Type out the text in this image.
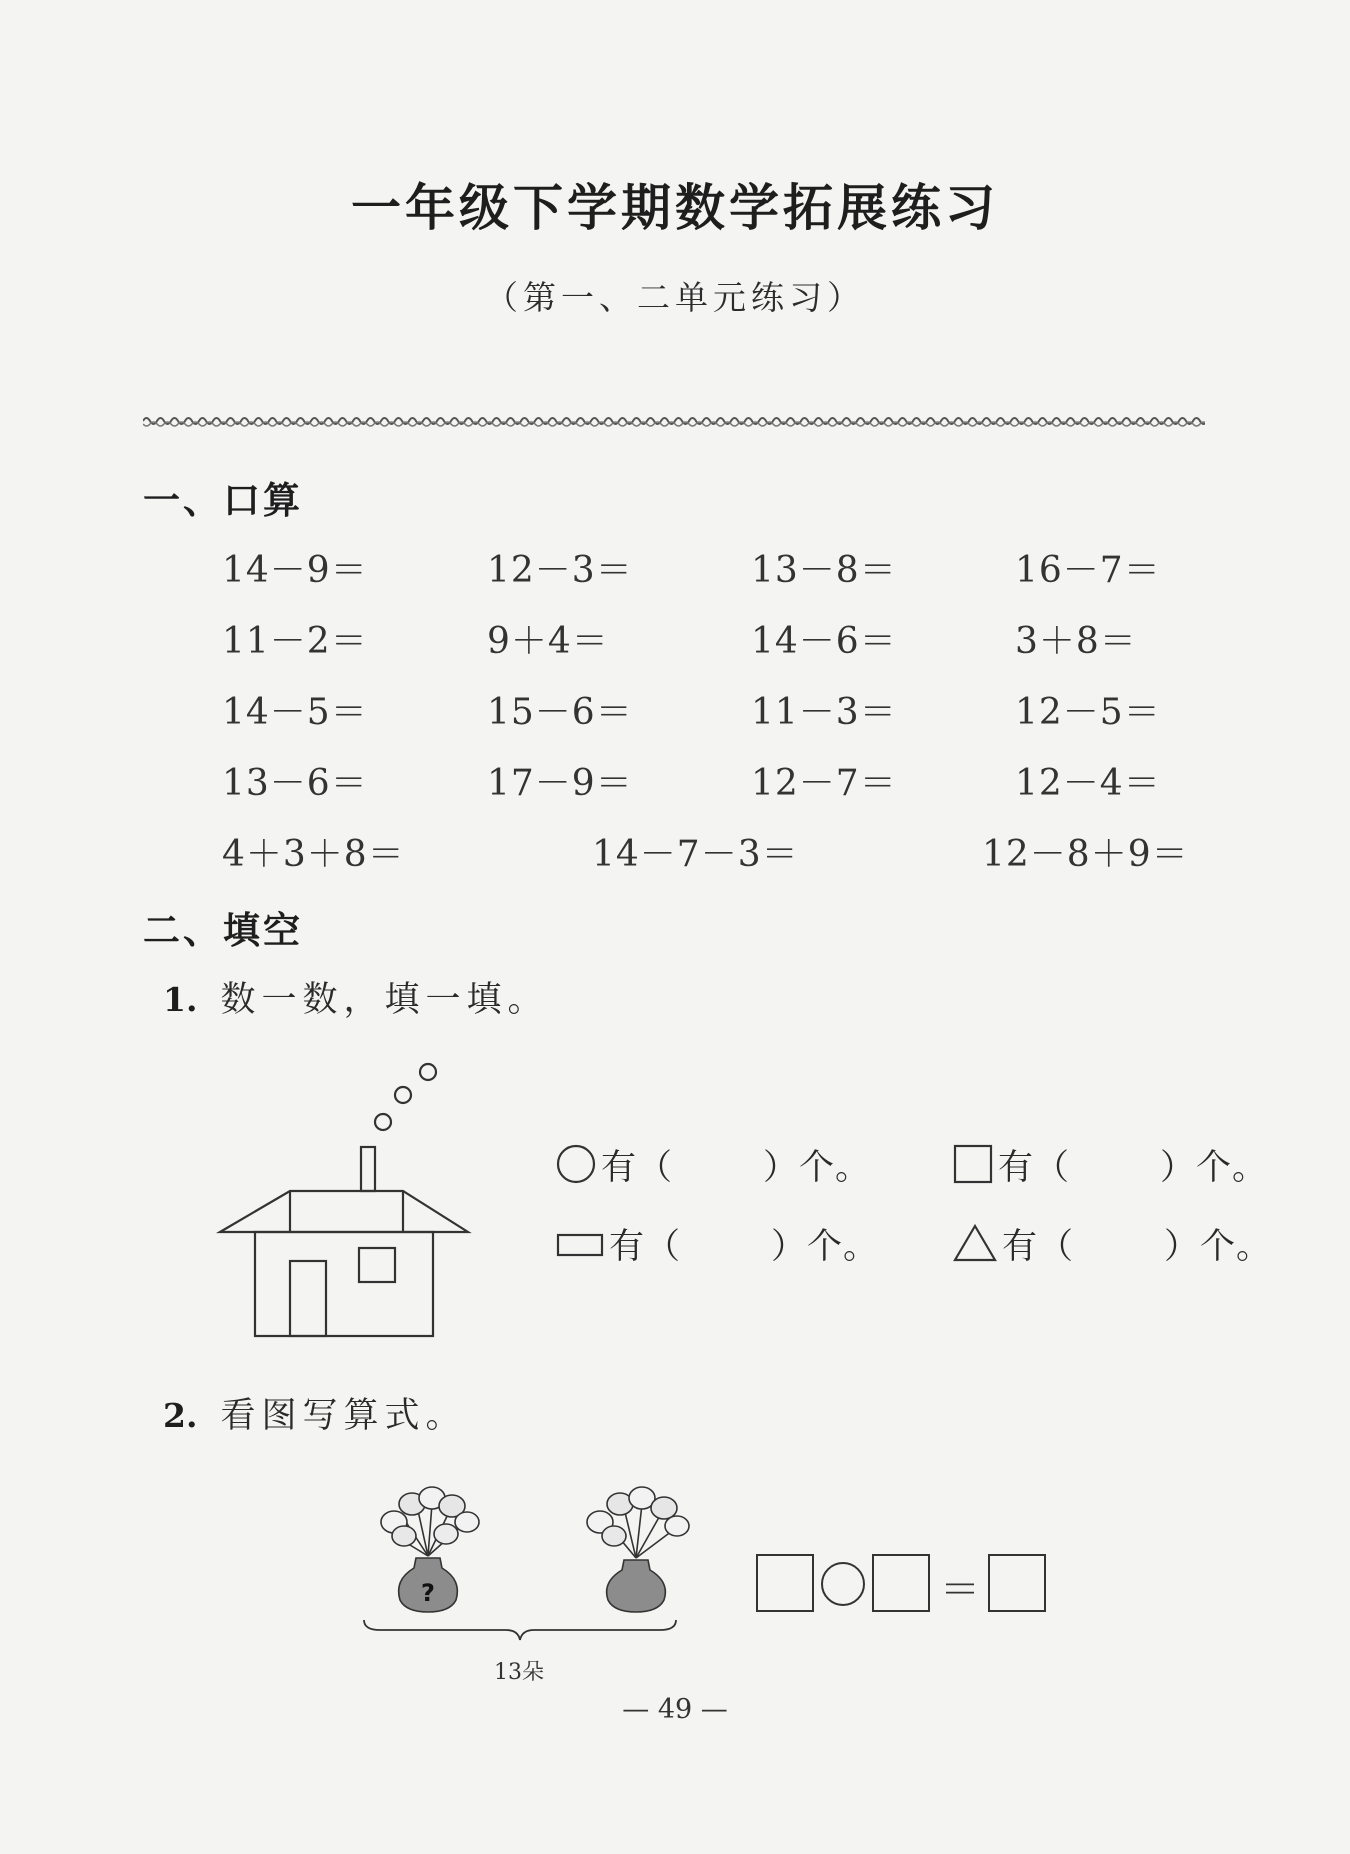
一年级下学期数学拓展练习
（第一、二单元练习）
一、口算
14－9＝	12－3＝	13－8＝	16－7＝
11－2＝	9＋4＝	14－6＝	3＋8＝
14－5＝	15－6＝	11－3＝	12－5＝
13－6＝	17－9＝	12－7＝	12－4＝
4＋3＋8＝	14－7－3＝	12－8＋9＝
二、填空
1. 数一数，填一填。
有（	）个。	有（	）个。
有（	）个。	有（	）个。
2. 看图写算式。
?
13朵
＝
— 49 —
